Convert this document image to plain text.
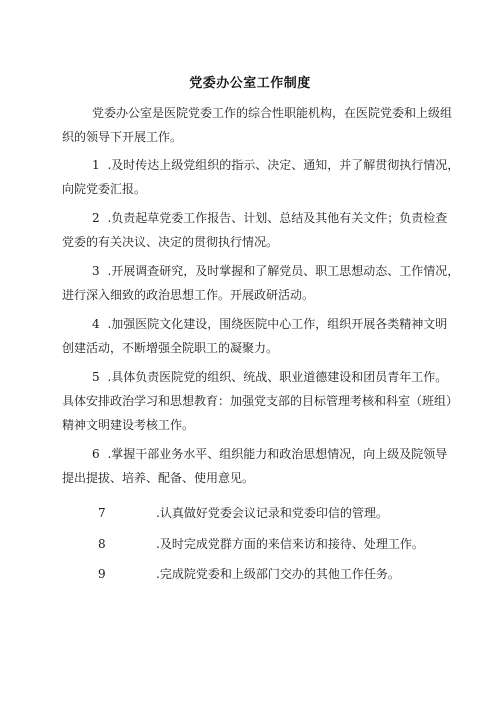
党委办公室工作制度
党委办公室是医院党委工作的综合性职能机构，在医院党委和上级组
织的领导下开展工作。
1 .及时传达上级党组织的指示、决定、通知，并了解贯彻执行情况，
向院党委汇报。
2 .负责起草党委工作报告、计划、总结及其他有关文件；负责检查
党委的有关决议、决定的贯彻执行情况。
3 .开展调查研究，及时掌握和了解党员、职工思想动态、工作情况，
进行深入细致的政治思想工作。开展政研活动。
4 .加强医院文化建设，围绕医院中心工作，组织开展各类精神文明
创建活动，不断增强全院职工的凝聚力。
5 .具体负责医院党的组织、统战、职业道德建设和团员青年工作。
具体安排政治学习和思想教育：加强党支部的目标管理考核和科室（班组）
精神文明建设考核工作。
6 .掌握干部业务水平、组织能力和政治思想情况，向上级及院领导
提出提拔、培养、配备、使用意见。
7	.认真做好党委会议记录和党委印信的管理。
8	.及时完成党群方面的来信来访和接待、处理工作。
9	.完成院党委和上级部门交办的其他工作任务。
